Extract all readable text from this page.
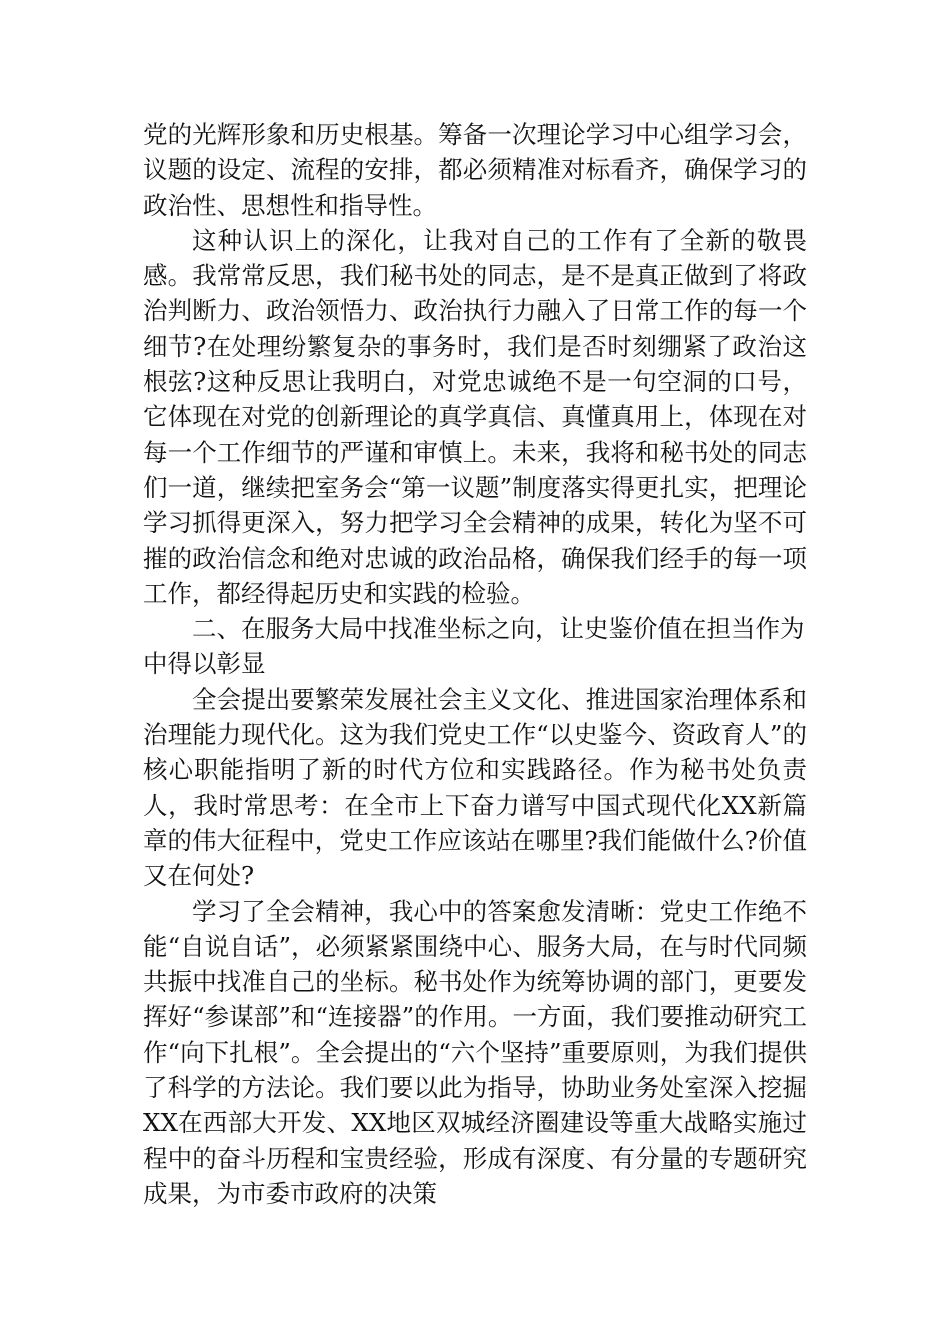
党的光辉形象和历史根基。筹备一次理论学习中心组学习会，议题的设定、流程的安排，都必须精准对标看齐，确保学习的政治性、思想性和指导性。

这种认识上的深化，让我对自己的工作有了全新的敬畏感。我常常反思，我们秘书处的同志，是不是真正做到了将政治判断力、政治领悟力、政治执行力融入了日常工作的每一个细节?在处理纷繁复杂的事务时，我们是否时刻绷紧了政治这根弦?这种反思让我明白，对党忠诚绝不是一句空洞的口号，它体现在对党的创新理论的真学真信、真懂真用上，体现在对每一个工作细节的严谨和审慎上。未来，我将和秘书处的同志们一道，继续把室务会“第一议题”制度落实得更扎实，把理论学习抓得更深入，努力把学习全会精神的成果，转化为坚不可摧的政治信念和绝对忠诚的政治品格，确保我们经手的每一项工作，都经得起历史和实践的检验。

二、在服务大局中找准坐标之向，让史鉴价值在担当作为中得以彰显

全会提出要繁荣发展社会主义文化、推进国家治理体系和治理能力现代化。这为我们党史工作“以史鉴今、资政育人”的核心职能指明了新的时代方位和实践路径。作为秘书处负责人，我时常思考：在全市上下奋力谱写中国式现代化XX新篇章的伟大征程中，党史工作应该站在哪里?我们能做什么?价值又在何处?

学习了全会精神，我心中的答案愈发清晰：党史工作绝不能“自说自话”，必须紧紧围绕中心、服务大局，在与时代同频共振中找准自己的坐标。秘书处作为统筹协调的部门，更要发挥好“参谋部”和“连接器”的作用。一方面，我们要推动研究工作“向下扎根”。全会提出的“六个坚持”重要原则，为我们提供了科学的方法论。我们要以此为指导，协助业务处室深入挖掘XX在西部大开发、XX地区双城经济圈建设等重大战略实施过程中的奋斗历程和宝贵经验，形成有深度、有分量的专题研究成果，为市委市政府的决策
